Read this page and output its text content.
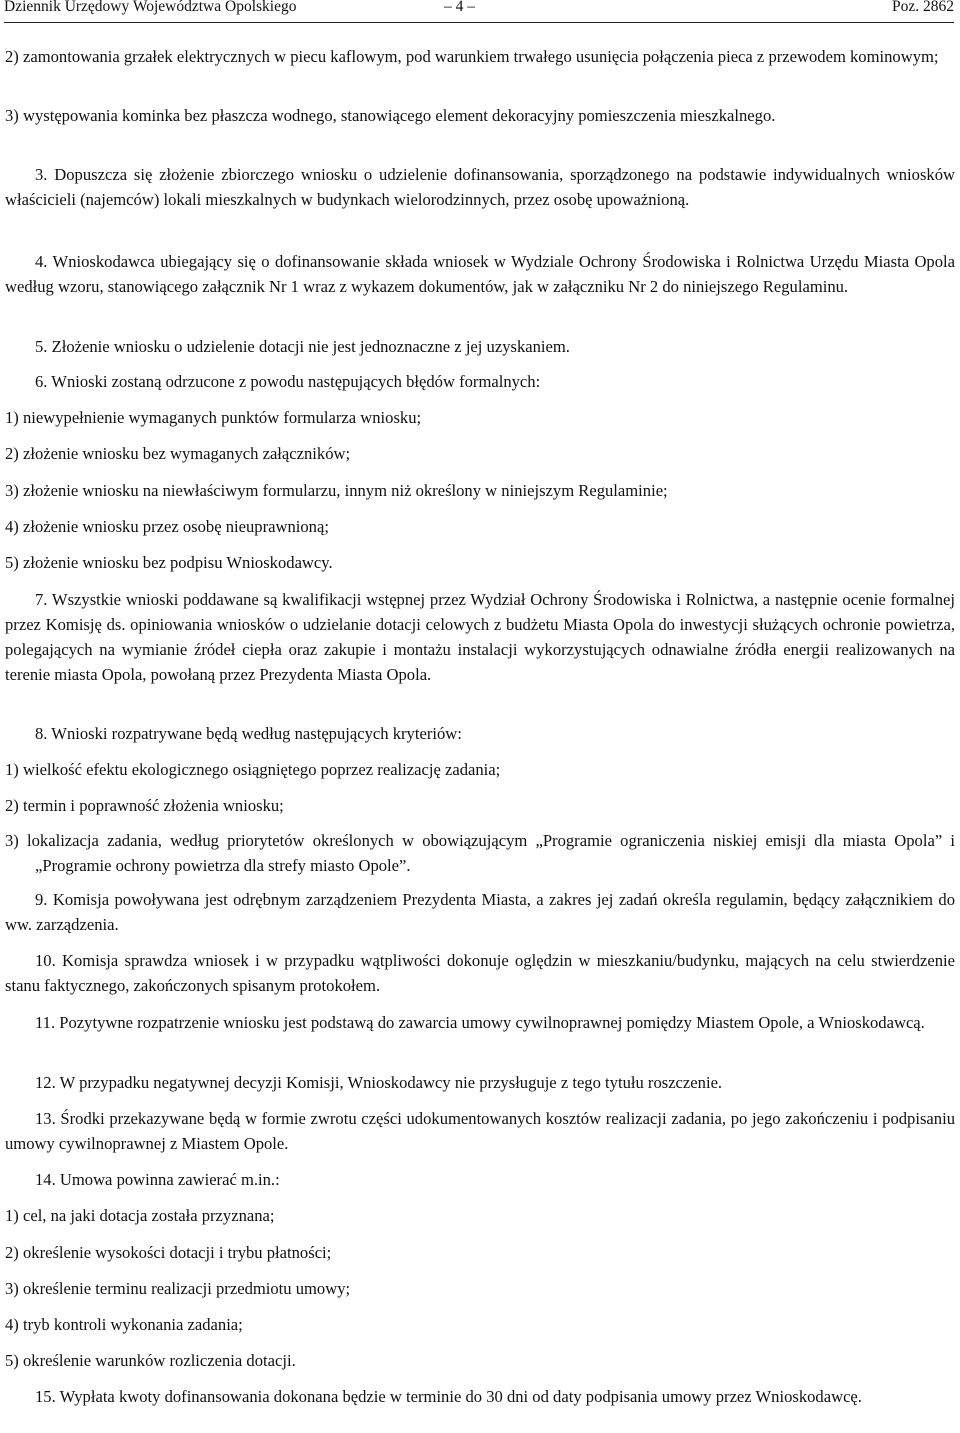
Dziennik Urzędowy Województwa Opolskiego	– 4 –	Poz. 2862

2) zamontowania grzałek elektrycznych w piecu kaflowym, pod warunkiem trwałego usunięcia połączenia pieca z przewodem kominowym;

3) występowania kominka bez płaszcza wodnego, stanowiącego element dekoracyjny pomieszczenia mieszkalnego.

3. Dopuszcza się złożenie zbiorczego wniosku o udzielenie dofinansowania, sporządzonego na podstawie indywidualnych wniosków właścicieli (najemców) lokali mieszkalnych w budynkach wielorodzinnych, przez osobę upoważnioną.

4. Wnioskodawca ubiegający się o dofinansowanie składa wniosek w Wydziale Ochrony Środowiska i Rolnictwa Urzędu Miasta Opola według wzoru, stanowiącego załącznik Nr 1 wraz z wykazem dokumentów, jak w załączniku Nr 2 do niniejszego Regulaminu.

5. Złożenie wniosku o udzielenie dotacji nie jest jednoznaczne z jej uzyskaniem.

6. Wnioski zostaną odrzucone z powodu następujących błędów formalnych:

1) niewypełnienie wymaganych punktów formularza wniosku;

2) złożenie wniosku bez wymaganych załączników;

3) złożenie wniosku na niewłaściwym formularzu, innym niż określony w niniejszym Regulaminie;

4) złożenie wniosku przez osobę nieuprawnioną;

5) złożenie wniosku bez podpisu Wnioskodawcy.

7. Wszystkie wnioski poddawane są kwalifikacji wstępnej przez Wydział Ochrony Środowiska i Rolnictwa, a następnie ocenie formalnej przez Komisję ds. opiniowania wniosków o udzielanie dotacji celowych z budżetu Miasta Opola do inwestycji służących ochronie powietrza, polegających na wymianie źródeł ciepła oraz zakupie i montażu instalacji wykorzystujących odnawialne źródła energii realizowanych na terenie miasta Opola, powołaną przez Prezydenta Miasta Opola.

8. Wnioski rozpatrywane będą według następujących kryteriów:

1) wielkość efektu ekologicznego osiągniętego poprzez realizację zadania;

2) termin i poprawność złożenia wniosku;

3) lokalizacja zadania, według priorytetów określonych w obowiązującym „Programie ograniczenia niskiej emisji dla miasta Opola” i „Programie ochrony powietrza dla strefy miasto Opole”.

9. Komisja powoływana jest odrębnym zarządzeniem Prezydenta Miasta, a zakres jej zadań określa regulamin, będący załącznikiem do ww. zarządzenia.

10. Komisja sprawdza wniosek i w przypadku wątpliwości dokonuje oględzin w mieszkaniu/budynku, mających na celu stwierdzenie stanu faktycznego, zakończonych spisanym protokołem.

11. Pozytywne rozpatrzenie wniosku jest podstawą do zawarcia umowy cywilnoprawnej pomiędzy Miastem Opole, a Wnioskodawcą.

12. W przypadku negatywnej decyzji Komisji, Wnioskodawcy nie przysługuje z tego tytułu roszczenie.

13. Środki przekazywane będą w formie zwrotu części udokumentowanych kosztów realizacji zadania, po jego zakończeniu i podpisaniu umowy cywilnoprawnej z Miastem Opole.

14. Umowa powinna zawierać m.in.:

1) cel, na jaki dotacja została przyznana;

2) określenie wysokości dotacji i trybu płatności;

3) określenie terminu realizacji przedmiotu umowy;

4) tryb kontroli wykonania zadania;

5) określenie warunków rozliczenia dotacji.

15. Wypłata kwoty dofinansowania dokonana będzie w terminie do 30 dni od daty podpisania umowy przez Wnioskodawcę.
